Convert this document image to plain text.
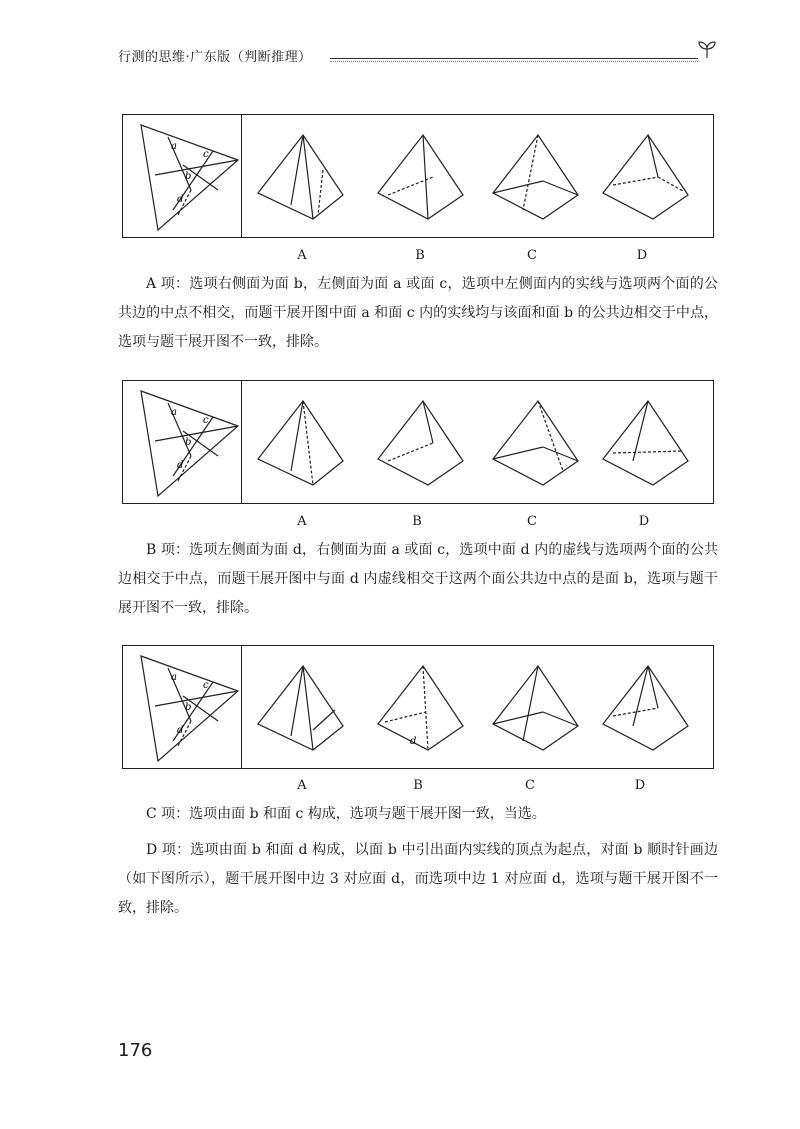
行测的思维·广东版（判断推理）
a
c
b
d
A	B	C	D

A 项：选项右侧面为面 b，左侧面为面 a 或面 c，选项中左侧面内的实线与选项两个面的公共边的中点不相交，而题干展开图中面 a 和面 c 内的实线均与该面和面 b 的公共边相交于中点，选项与题干展开图不一致，排除。

a
c
b
d
A	B	C	D

B 项：选项左侧面为面 d，右侧面为面 a 或面 c，选项中面 d 内的虚线与选项两个面的公共边相交于中点，而题干展开图中与面 d 内虚线相交于这两个面公共边中点的是面 b，选项与题干展开图不一致，排除。

a
c
b
d
d
A	B	C	D

C 项：选项由面 b 和面 c 构成，选项与题干展开图一致，当选。

D 项：选项由面 b 和面 d 构成，以面 b 中引出面内实线的顶点为起点，对面 b 顺时针画边（如下图所示），题干展开图中边 3 对应面 d，而选项中边 1 对应面 d，选项与题干展开图不一致，排除。

176
